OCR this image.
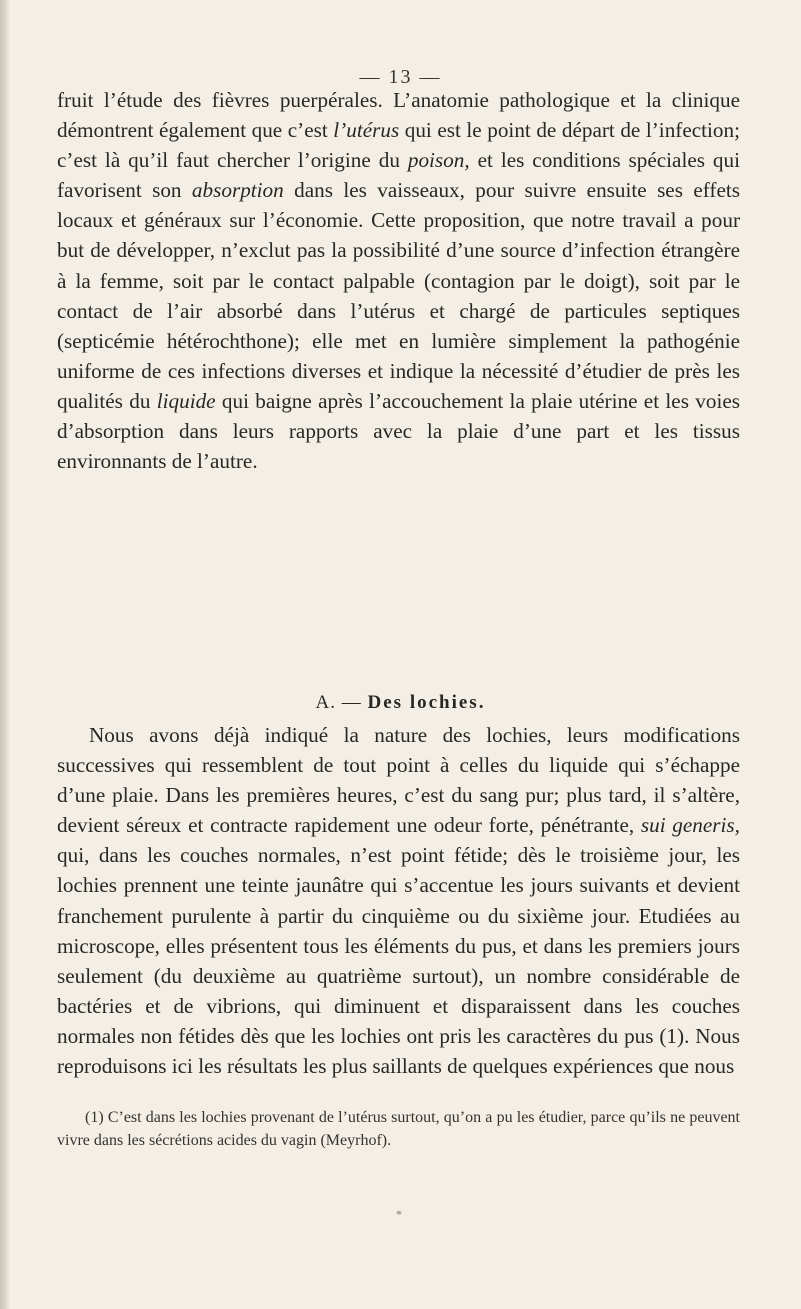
— 13 —

fruit l’étude des fièvres puerpérales. L’anatomie pathologique et la clinique démontrent également que c’est l’utérus qui est le point de départ de l’infection; c’est là qu’il faut chercher l’origine du poison, et les conditions spéciales qui favorisent son absorption dans les vaisseaux, pour suivre ensuite ses effets locaux et généraux sur l’économie. Cette proposition, que notre travail a pour but de développer, n’exclut pas la possibilité d’une source d’infection étrangère à la femme, soit par le contact palpable (contagion par le doigt), soit par le contact de l’air absorbé dans l’utérus et chargé de particules septiques (septicémie hétérochthone); elle met en lumière simplement la pathogénie uniforme de ces infections diverses et indique la nécessité d’étudier de près les qualités du liquide qui baigne après l’accouchement la plaie utérine et les voies d’absorption dans leurs rapports avec la plaie d’une part et les tissus environnants de l’autre.

A. — Des lochies.

Nous avons déjà indiqué la nature des lochies, leurs modifications successives qui ressemblent de tout point à celles du liquide qui s’échappe d’une plaie. Dans les premières heures, c’est du sang pur; plus tard, il s’altère, devient séreux et contracte rapidement une odeur forte, pénétrante, sui generis, qui, dans les couches normales, n’est point fétide; dès le troisième jour, les lochies prennent une teinte jaunâtre qui s’accentue les jours suivants et devient franchement purulente à partir du cinquième ou du sixième jour. Etudiées au microscope, elles présentent tous les éléments du pus, et dans les premiers jours seulement (du deuxième au quatrième surtout), un nombre considérable de bactéries et de vibrions, qui diminuent et disparaissent dans les couches normales non fétides dès que les lochies ont pris les caractères du pus (1). Nous reproduisons ici les résultats les plus saillants de quelques expériences que nous

(1) C’est dans les lochies provenant de l’utérus surtout, qu’on a pu les étudier, parce qu’ils ne peuvent vivre dans les sécrétions acides du vagin (Meyrhof).

*
